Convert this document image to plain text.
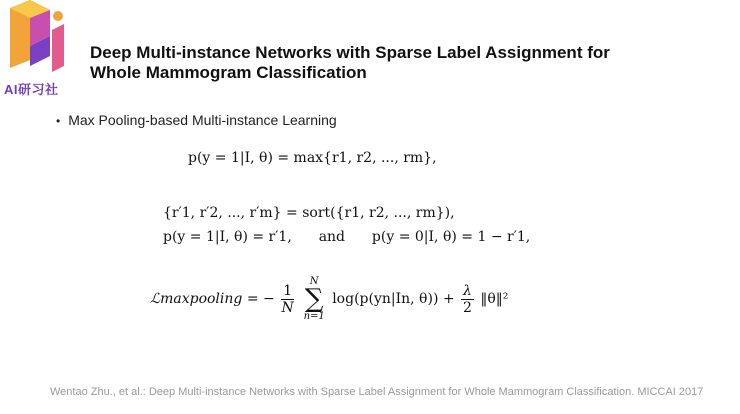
AI研习社
Deep Multi-instance Networks with Sparse Label Assignment for
Whole Mammogram Classification
• Max Pooling-based Multi-instance Learning
p(y = 1|I, θ) = max{r1, r2, ..., rm},
{r′1, r′2, ..., r′m} = sort({r1, r2, ..., rm}),
p(y = 1|I, θ) = r′1, and p(y = 0|I, θ) = 1 − r′1,
ℒmaxpooling = − $\frac{1}{N}$

N
∑
n=1
log(p(yn|In, $\theta)) + \frac{\lambda}{2}$ ‖θ‖²
Wentao Zhu., et al.: Deep Multi-instance Networks with Sparse Label Assignment for Whole Mammogram Classification. MICCAI 2017
